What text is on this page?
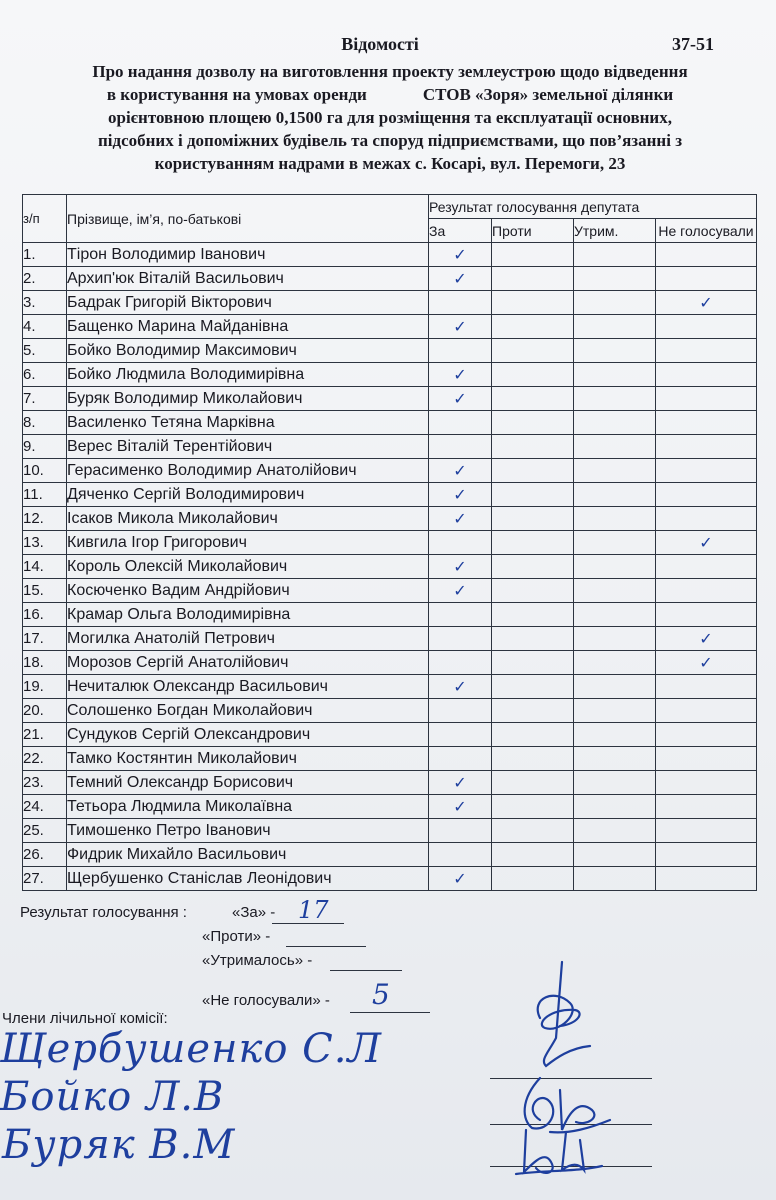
Відомості	37-51
Про надання дозволу на виготовлення проекту землеустрою щодо відведення
в користування на умовах оренди	СТОВ «Зоря» земельної ділянки
орієнтовною площею 0,1500 га для розміщення та експлуатації основних,
підсобних і допоміжних будівель та споруд підприємствами, що пов’язанні з
користуванням надрами в межах с. Косарі, вул. Перемоги, 23
з/п	Прізвище, ім’я, по-батькові	Результат голосування депутата			
		За	Проти	Утрим.	Не голосували
1.	Тірон Володимир Іванович	✓			
2.	Архип'юк Віталій Васильович	✓			
3.	Бадрак Григорій Вікторович				✓
4.	Бащенко Марина Майданівна	✓			
5.	Бойко Володимир Максимович				
6.	Бойко Людмила Володимирівна	✓			
7.	Буряк Володимир Миколайович	✓			
8.	Василенко Тетяна Марківна				
9.	Верес Віталій Терентійович				
10.	Герасименко Володимир Анатолійович	✓			
11.	Дяченко Сергій Володимирович	✓			
12.	Ісаков Микола Миколайович	✓			
13.	Кивгила Ігор Григорович				✓
14.	Король Олексій Миколайович	✓			
15.	Косюченко Вадим Андрійович	✓			
16.	Крамар Ольга Володимирівна				
17.	Могилка Анатолій Петрович				✓
18.	Морозов Сергій Анатолійович				✓
19.	Нечиталюк Олександр Васильович	✓			
20.	Солошенко Богдан Миколайович				
21.	Сундуков Сергій Олександрович				
22.	Тамко Костянтин Миколайович				
23.	Темний Олександр Борисович	✓			
24.	Тетьора Людмила Миколаївна	✓			
25.	Тимошенко Петро Іванович				
26.	Фидрик Михайло Васильович				
27.	Щербушенко Станіслав Леонідович	✓			
Результат голосування :	«За» - 17
«Проти» -
«Утрималось» -
«Не голосували» - 5
Члени лічильної комісії:
Щербушенко С.Л
Бойко Л.В
Буряк В.М
